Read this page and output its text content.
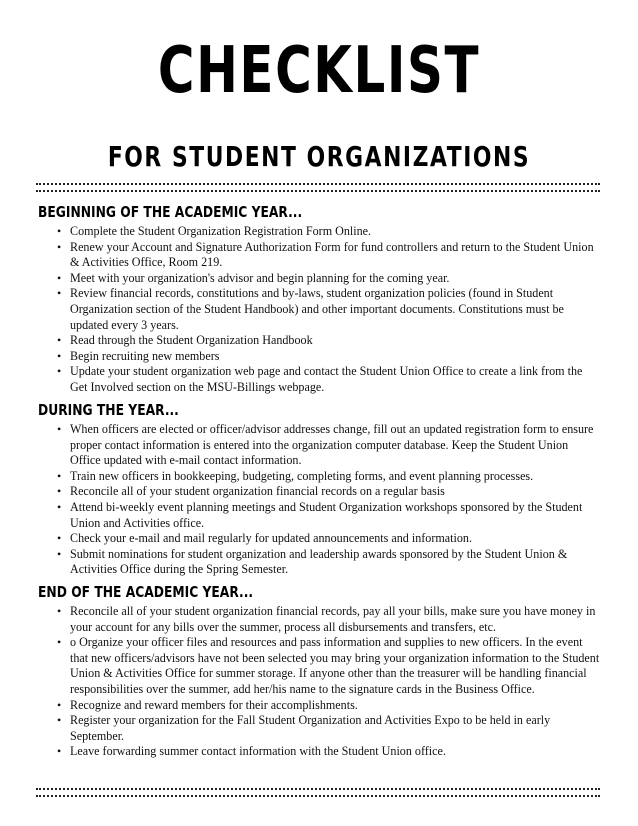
CHECKLIST
FOR STUDENT ORGANIZATIONS
BEGINNING OF THE ACADEMIC YEAR...
• Complete the Student Organization Registration Form Online.
• Renew your Account and Signature Authorization Form for fund controllers and return to the Student Union & Activities Office, Room 219.
• Meet with your organization's advisor and begin planning for the coming year.
• Review financial records, constitutions and by-laws, student organization policies (found in Student Organization section of the Student Handbook) and other important documents. Constitutions must be updated every 3 years.
• Read through the Student Organization Handbook
• Begin recruiting new members
• Update your student organization web page and contact the Student Union Office to create a link from the Get Involved section on the MSU-Billings webpage.
DURING THE YEAR...
• When officers are elected or officer/advisor addresses change, fill out an updated registration form to ensure proper contact information is entered into the organization computer database. Keep the Student Union Office updated with e-mail contact information.
• Train new officers in bookkeeping, budgeting, completing forms, and event planning processes.
• Reconcile all of your student organization financial records on a regular basis
• Attend bi-weekly event planning meetings and Student Organization workshops sponsored by the Student Union and Activities office.
• Check your e-mail and mail regularly for updated announcements and information.
• Submit nominations for student organization and leadership awards sponsored by the Student Union & Activities Office during the Spring Semester.
END OF THE ACADEMIC YEAR...
• Reconcile all of your student organization financial records, pay all your bills, make sure you have money in your account for any bills over the summer, process all disbursements and transfers, etc.
• o Organize your officer files and resources and pass information and supplies to new officers. In the event that new officers/advisors have not been selected you may bring your organization information to the Student Union & Activities Office for summer storage. If anyone other than the treasurer will be handling financial responsibilities over the summer, add her/his name to the signature cards in the Business Office.
• Recognize and reward members for their accomplishments.
• Register your organization for the Fall Student Organization and Activities Expo to be held in early September.
• Leave forwarding summer contact information with the Student Union office.
